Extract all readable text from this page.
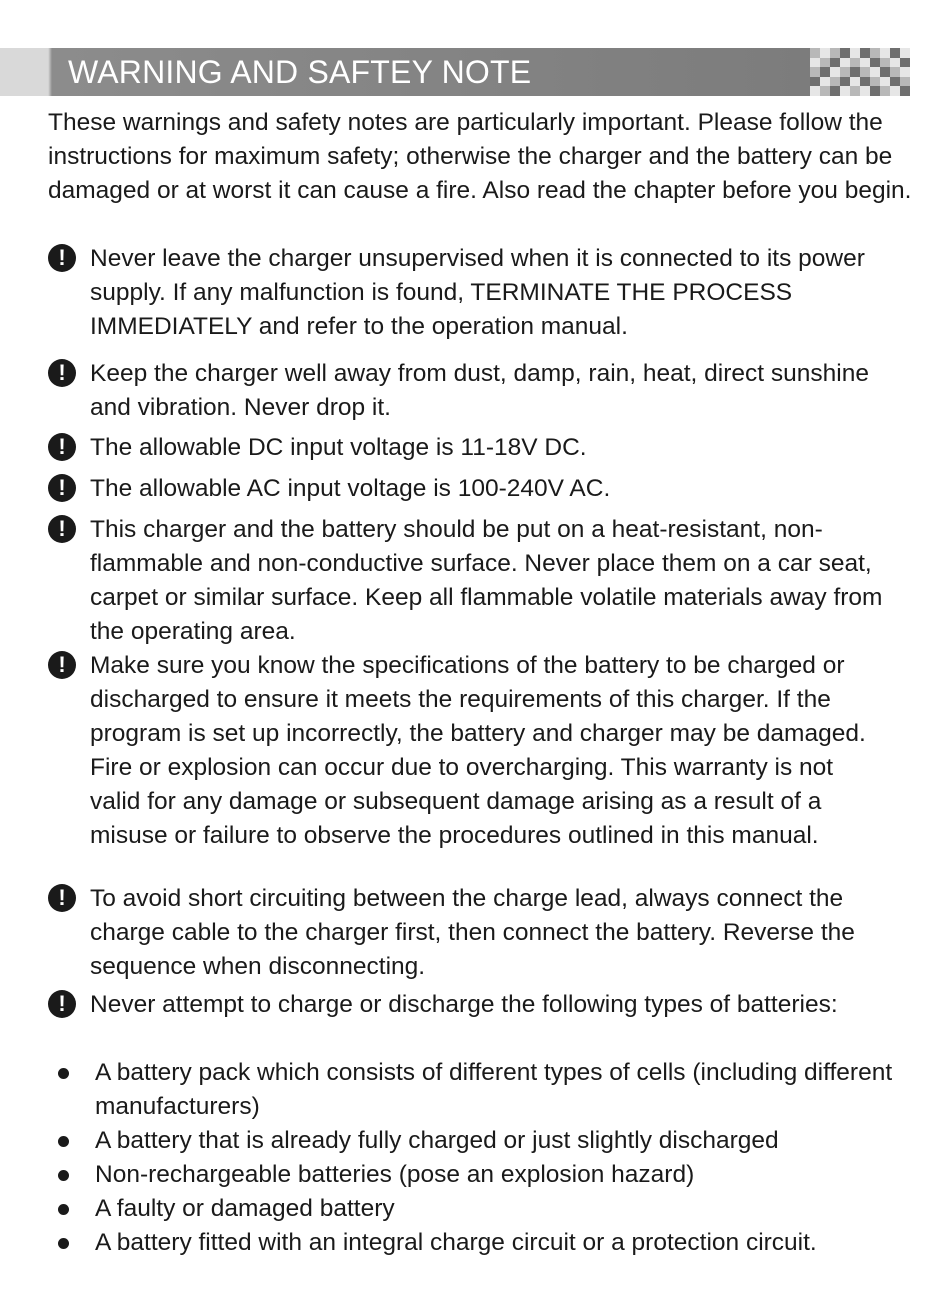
WARNING AND SAFTEY NOTE

These warnings and safety notes are particularly important. Please follow the instructions for maximum safety; otherwise the charger and the battery can be damaged or at worst it can cause a fire. Also read the chapter before you begin.

! Never leave the charger unsupervised when it is connected to its power supply. If any malfunction is found, TERMINATE THE PROCESS IMMEDIATELY and refer to the operation manual.
! Keep the charger well away from dust, damp, rain, heat, direct sunshine and vibration. Never drop it.
! The allowable DC input voltage is 11-18V DC.
! The allowable AC input voltage is 100-240V AC.
! This charger and the battery should be put on a heat-resistant, non-flammable and non-conductive surface. Never place them on a car seat, carpet or similar surface. Keep all flammable volatile materials away from the operating area.
! Make sure you know the specifications of the battery to be charged or discharged to ensure it meets the requirements of this charger. If the program is set up incorrectly, the battery and charger may be damaged. Fire or explosion can occur due to overcharging. This warranty is not valid for any damage or subsequent damage arising as a result of a misuse or failure to observe the procedures outlined in this manual.
! To avoid short circuiting between the charge lead, always connect the charge cable to the charger first, then connect the battery. Reverse the sequence when disconnecting.
! Never attempt to charge or discharge the following types of batteries:
A battery pack which consists of different types of cells (including different manufacturers)
A battery that is already fully charged or just slightly discharged
Non-rechargeable batteries (pose an explosion hazard)
A faulty or damaged battery
A battery fitted with an integral charge circuit or a protection circuit.
